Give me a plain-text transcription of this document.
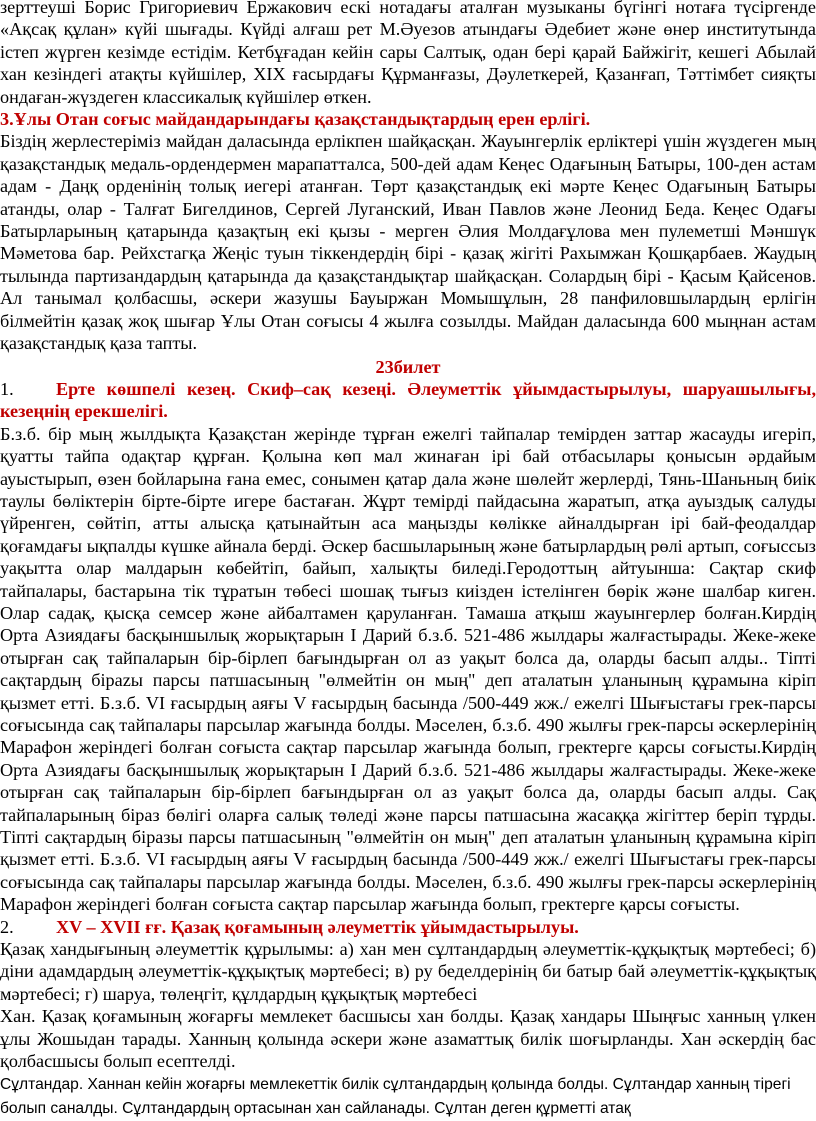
зерттеуші Борис Григориевич Ержакович ескі нотадағы аталған музыканы бүгінгі нотаға түсіргенде «Ақсақ құлан» күйі шығады. Күйді алғаш рет М.Әуезов атындағы Әдебиет және өнер институтында істеп жүрген кезімде естідім. Кетбұғадан кейін сары Салтық, одан бері қарай Байжігіт, кешегі Абылай хан кезіндегі атақты күйшілер, ХІХ ғасырдағы Құрманғазы, Дәулеткерей, Қазанғап, Тәттімбет сияқты ондаған-жүздеген классикалық күйшілер өткен.

3.Ұлы Отан соғыс майдандарындағы қазақстандықтардың ерен ерлігі.

Біздің жерлестеріміз майдан даласында ерлікпен шайқасқан. Жауынгерлік ерліктері үшін жүздеген мың қазақстандық медаль-ордендермен марапатталса, 500-дей адам Кеңес Одағының Батыры, 100-ден астам адам - Даңқ орденінің толық иегері атанған. Төрт қазақстандық екі мәрте Кеңес Одағының Батыры атанды, олар - Талғат Бигелдинов, Сергей Луганский, Иван Павлов және Леонид Беда. Кеңес Одағы Батырларының қатарында қазақтың екі қызы - мерген Әлия Молдағұлова мен пулеметші Мәншүк Мәметова бар. Рейхстагқа Жеңіс туын тіккендердің бірі - қазақ жігіті Рахымжан Қошқарбаев. Жаудың тылында партизандардың қатарында да қазақстандықтар шайқасқан. Солардың бірі - Қасым Қайсенов. Ал танымал қолбасшы, әскери жазушы Бауыржан Момышұлын, 28 панфиловшылардың ерлігін білмейтін қазақ жоқ шығар Ұлы Отан соғысы 4 жылға созылды. Майдан даласында 600 мыңнан астам қазақстандық қаза тапты.

23билет

1. Ерте көшпелі кезең. Скиф–сақ кезеңі. Әлеуметтік ұйымдастырылуы, шаруашылығы, кезеңнің ерекшелігі.

Б.з.б. бір мың жылдықта Қазақстан жерінде тұрған ежелгі тайпалар темірден заттар жасауды игеріп, қуатты тайпа одақтар құрған. Қолына көп мал жинаған ірі бай отбасылары қонысын әрдайым ауыстырып, өзен бойларына ғана емес, сонымен қатар дала және шөлейт жерлерді, Тянь-Шаньның биік таулы бөліктерін бірте-бірте игере бастаған. Жұрт темірді пайдасына жаратып, атқа ауыздық салуды үйренген, сөйтіп, атты алысқа қатынайтын аса маңызды көлікке айналдырған ірі бай-феодалдар қоғамдағы ықпалды күшке айнала берді. Әскер басшыларының және батырлардың рөлі артып, соғыссыз уақытта олар малдарын көбейтіп, байып, халықты биледі.Геродоттың айтуынша: Сақтар скиф тайпалары, бастарына тік тұратын төбесі шошақ тығыз киізден істелінген бөрік және шалбар киген. Олар садақ, қысқа семсер және айбалтамен қаруланған. Тамаша атқыш жауынгерлер болған.Кирдің Орта Азиядағы басқыншылық жорықтарын І Дарий б.з.б. 521-486 жылдары жалғастырады. Жеке-жеке отырған сақ тайпаларын бір-бірлеп бағындырған ол аз уақыт болса да, оларды басып алды.. Тіпті сақтардың бірazы парсы патшасының "өлмейтін он мың" деп аталатын ұланының құрамына кіріп қызмет етті. Б.з.б. VI ғасырдың аяғы V ғасырдың басында /500-449 жж./ ежелгі Шығыстағы грек-парсы соғысында сақ тайпалары парсылар жағында болды. Мәселен, б.з.б. 490 жылғы грек-парсы әскерлерінің Марафон жеріндегі болған соғыста сақтар парсылар жағында болып, гректерге қарсы соғысты.Кирдің Орта Азиядағы басқыншылық жорықтарын І Дарий б.з.б. 521-486 жылдары жалғастырады. Жеке-жеке отырған сақ тайпаларын бір-бірлеп бағындырған ол аз уақыт болса да, оларды басып алды. Сақ тайпаларының біраз бөлігі оларға салық төледі және парсы патшасына жасаққа жігіттер беріп тұрды. Тіпті сақтардың біразы парсы патшасының "өлмейтін он мың" деп аталатын ұланының құрамына кіріп қызмет етті. Б.з.б. VI ғасырдың аяғы V ғасырдың басында /500-449 жж./ ежелгі Шығыстағы грек-парсы соғысында сақ тайпалары парсылар жағында болды. Мәселен, б.з.б. 490 жылғы грек-парсы әскерлерінің Марафон жеріндегі болған соғыста сақтар парсылар жағында болып, гректерге қарсы соғысты.

2. XV – XVII ғғ. Қазақ қоғамының әлеуметтік ұйымдастырылуы.

Қазақ хандығының әлеуметтік құрылымы: а) хан мен сұлтандардың әлеуметтік-құқықтық мәртебесі; б) діни адамдардың әлеуметтік-құқықтық мәртебесі; в) ру беделдерінің би батыр бай әлеуметтік-құқықтық мәртебесі; г) шаруа, төлеңгіт, құлдардың құқықтық мәртебесі

Хан. Қазақ қоғамының жоғарғы мемлекет басшысы хан болды. Қазақ хандары Шыңғыс ханның үлкен ұлы Жошыдан тарады. Ханның қолында әскери және азаматтық билік шоғырланды. Хан әскердің бас қолбасшысы болып есептелді.

Сұлтандар. Ханнан кейін жоғарғы мемлекеттік билік сұлтандардың қолында болды. Сұлтандар ханның тірегі болып саналды. Сұлтандардың ортасынан хан сайланады. Сұлтан деген құрметті атақ
